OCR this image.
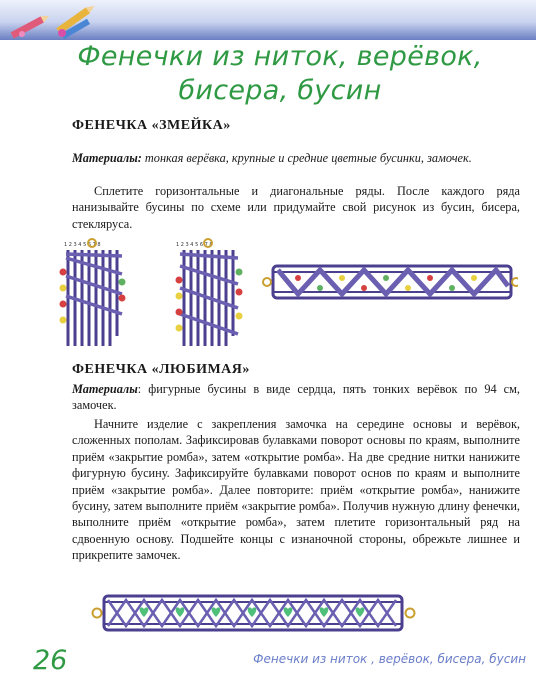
Фенечки из ниток, верёвок,
бисера, бусин
ФЕНЕЧКА «ЗМЕЙКА»
Материалы: тонкая верёвка, крупные и средние цветные бусинки, замочек.
Сплетите горизонтальные и диагональные ряды. После каждого ряда нанизывайте бусины по схеме или придумайте свой рисунок из бусин, бисера, стекляруса.
1 2 3 4 5 6 7 8	1 2 3 4 5 6 7 8
ФЕНЕЧКА «ЛЮБИМАЯ»
Материалы: фигурные бусины в виде сердца, пять тонких верёвок по 94 см, замочек.
Начните изделие с закрепления замочка на середине основы и верёвок, сложенных пополам. Зафиксировав булавками поворот основы по краям, выполните приём «закрытие ромба», затем «открытие ромба». На две средние нитки нанижите фигурную бусину. Зафиксируйте булавками поворот основ по краям и выполните приём «закрытие ромба». Далее повторите: приём «открытие ромба», нанижите бусину, затем выполните приём «закрытие ромба». Получив нужную длину фенечки, выполните приём «открытие ромба», затем плетите горизонтальный ряд на сдвоенную основу. Подшейте концы с изнаночной стороны, обрежьте лишнее и прикрепите замочек.
26	Фенечки из ниток , верёвок, бисера, бусин
